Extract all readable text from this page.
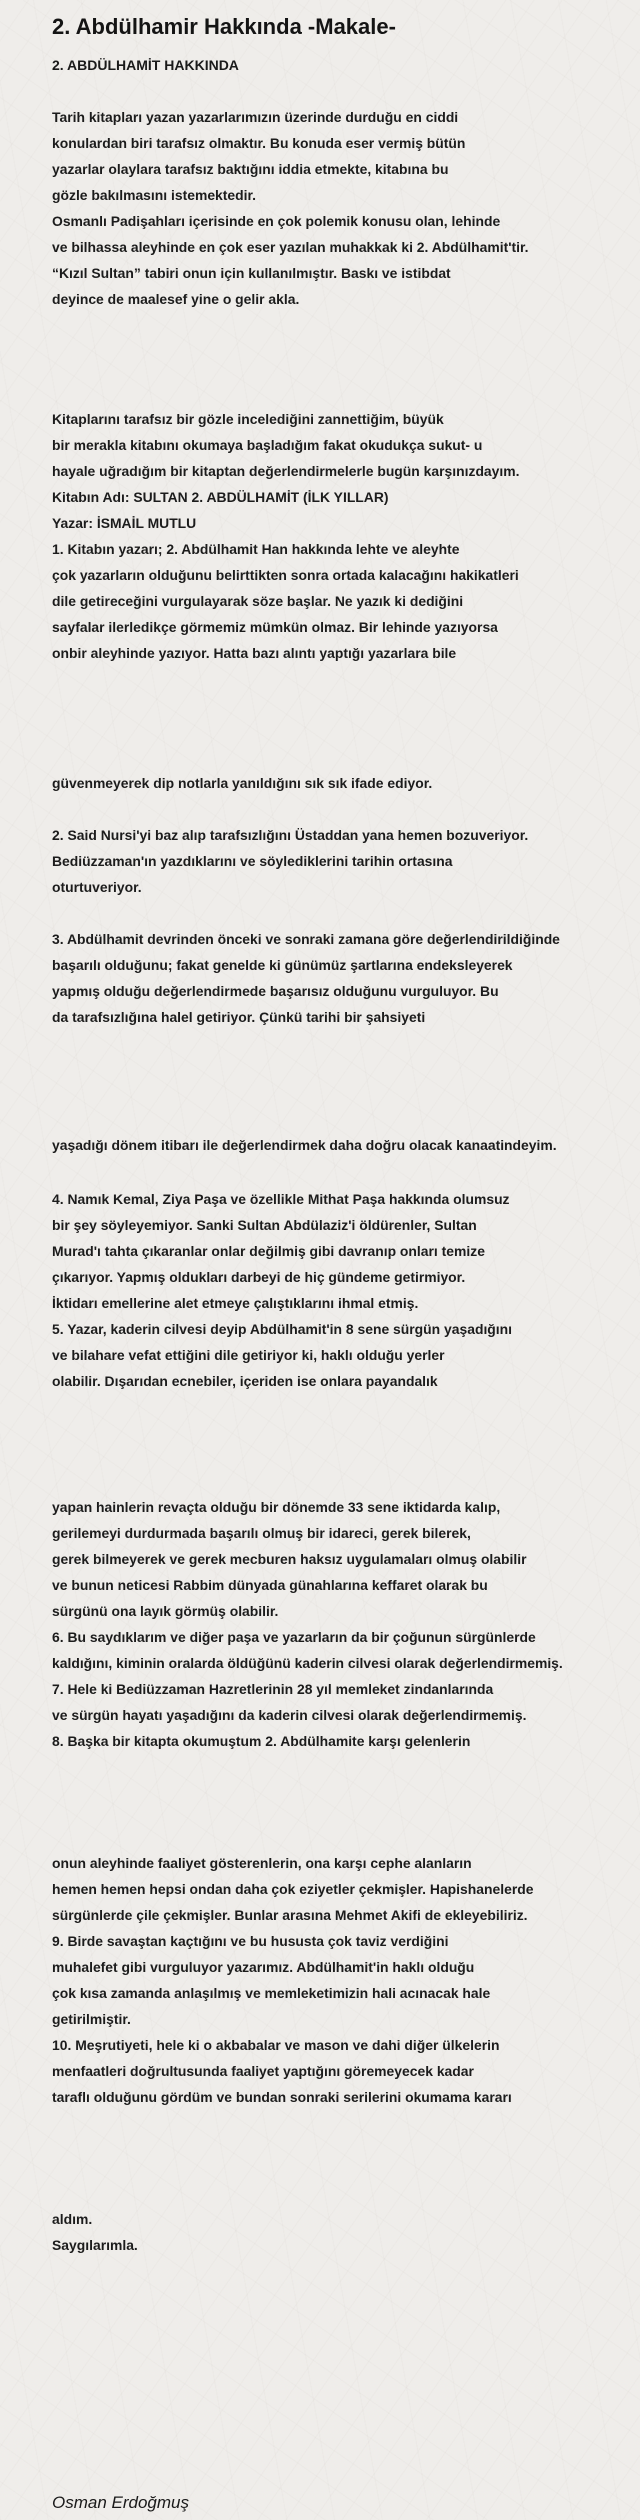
2. Abdülhamir Hakkında -Makale-
2. ABDÜLHAMİT HAKKINDA
Tarih kitapları yazan yazarlarımızın üzerinde durduğu en ciddi
konulardan biri tarafsız olmaktır. Bu konuda eser vermiş bütün
yazarlar olaylara tarafsız baktığını iddia etmekte, kitabına bu
gözle bakılmasını istemektedir.
Osmanlı Padişahları içerisinde en çok polemik konusu olan, lehinde
ve bilhassa aleyhinde en çok eser yazılan muhakkak ki 2. Abdülhamit'tir.
“Kızıl Sultan” tabiri onun için kullanılmıştır. Baskı ve istibdat
deyince de maalesef yine o gelir akla.
Kitaplarını tarafsız bir gözle incelediğini zannettiğim, büyük
bir merakla kitabını okumaya başladığım fakat okudukça sukut- u
hayale uğradığım bir kitaptan değerlendirmelerle bugün karşınızdayım.
Kitabın Adı: SULTAN 2. ABDÜLHAMİT (İLK YILLAR)
Yazar: İSMAİL MUTLU
1. Kitabın yazarı; 2. Abdülhamit Han hakkında lehte ve aleyhte
çok yazarların olduğunu belirttikten sonra ortada kalacağını hakikatleri
dile getireceğini vurgulayarak söze başlar. Ne yazık ki dediğini
sayfalar ilerledikçe görmemiz mümkün olmaz. Bir lehinde yazıyorsa
onbir aleyhinde yazıyor. Hatta bazı alıntı yaptığı yazarlara bile
güvenmeyerek dip notlarla yanıldığını sık sık ifade ediyor.
2. Said Nursi'yi baz alıp tarafsızlığını Üstaddan yana hemen bozuveriyor.
Bediüzzaman'ın yazdıklarını ve söylediklerini tarihin ortasına
oturtuveriyor.
3. Abdülhamit devrinden önceki ve sonraki zamana göre değerlendirildiğinde
başarılı olduğunu; fakat genelde ki günümüz şartlarına endeksleyerek
yapmış olduğu değerlendirmede başarısız olduğunu vurguluyor. Bu
da tarafsızlığına halel getiriyor. Çünkü tarihi bir şahsiyeti
yaşadığı dönem itibarı ile değerlendirmek daha doğru olacak kanaatindeyim.
4. Namık Kemal, Ziya Paşa ve özellikle Mithat Paşa hakkında olumsuz
bir şey söyleyemiyor. Sanki Sultan Abdülaziz'i öldürenler, Sultan
Murad'ı tahta çıkaranlar onlar değilmiş gibi davranıp onları temize
çıkarıyor. Yapmış oldukları darbeyi de hiç gündeme getirmiyor.
İktidarı emellerine alet etmeye çalıştıklarını ihmal etmiş.
5. Yazar, kaderin cilvesi deyip Abdülhamit'in 8 sene sürgün yaşadığını
ve bilahare vefat ettiğini dile getiriyor ki, haklı olduğu yerler
olabilir. Dışarıdan ecnebiler, içeriden ise onlara payandalık
yapan hainlerin revaçta olduğu bir dönemde 33 sene iktidarda kalıp,
gerilemeyi durdurmada başarılı olmuş bir idareci, gerek bilerek,
gerek bilmeyerek ve gerek mecburen haksız uygulamaları olmuş olabilir
ve bunun neticesi Rabbim dünyada günahlarına keffaret olarak bu
sürgünü ona layık görmüş olabilir.
6. Bu saydıklarım ve diğer paşa ve yazarların da bir çoğunun sürgünlerde
kaldığını, kiminin oralarda öldüğünü kaderin cilvesi olarak değerlendirmemiş.
7. Hele ki Bediüzzaman Hazretlerinin 28 yıl memleket zindanlarında
ve sürgün hayatı yaşadığını da kaderin cilvesi olarak değerlendirmemiş.
8. Başka bir kitapta okumuştum 2. Abdülhamite karşı gelenlerin
onun aleyhinde faaliyet gösterenlerin, ona karşı cephe alanların
hemen hemen hepsi ondan daha çok eziyetler çekmişler. Hapishanelerde
sürgünlerde çile çekmişler. Bunlar arasına Mehmet Akifi de ekleyebiliriz.
9. Birde savaştan kaçtığını ve bu hususta çok taviz verdiğini
muhalefet gibi vurguluyor yazarımız. Abdülhamit'in haklı olduğu
çok kısa zamanda anlaşılmış ve memleketimizin hali acınacak hale
getirilmiştir.
10. Meşrutiyeti, hele ki o akbabalar ve mason ve dahi diğer ülkelerin
menfaatleri doğrultusunda faaliyet yaptığını göremeyecek kadar
taraflı olduğunu gördüm ve bundan sonraki serilerini okumama kararı
aldım.
Saygılarımla.
Osman Erdoğmuş
